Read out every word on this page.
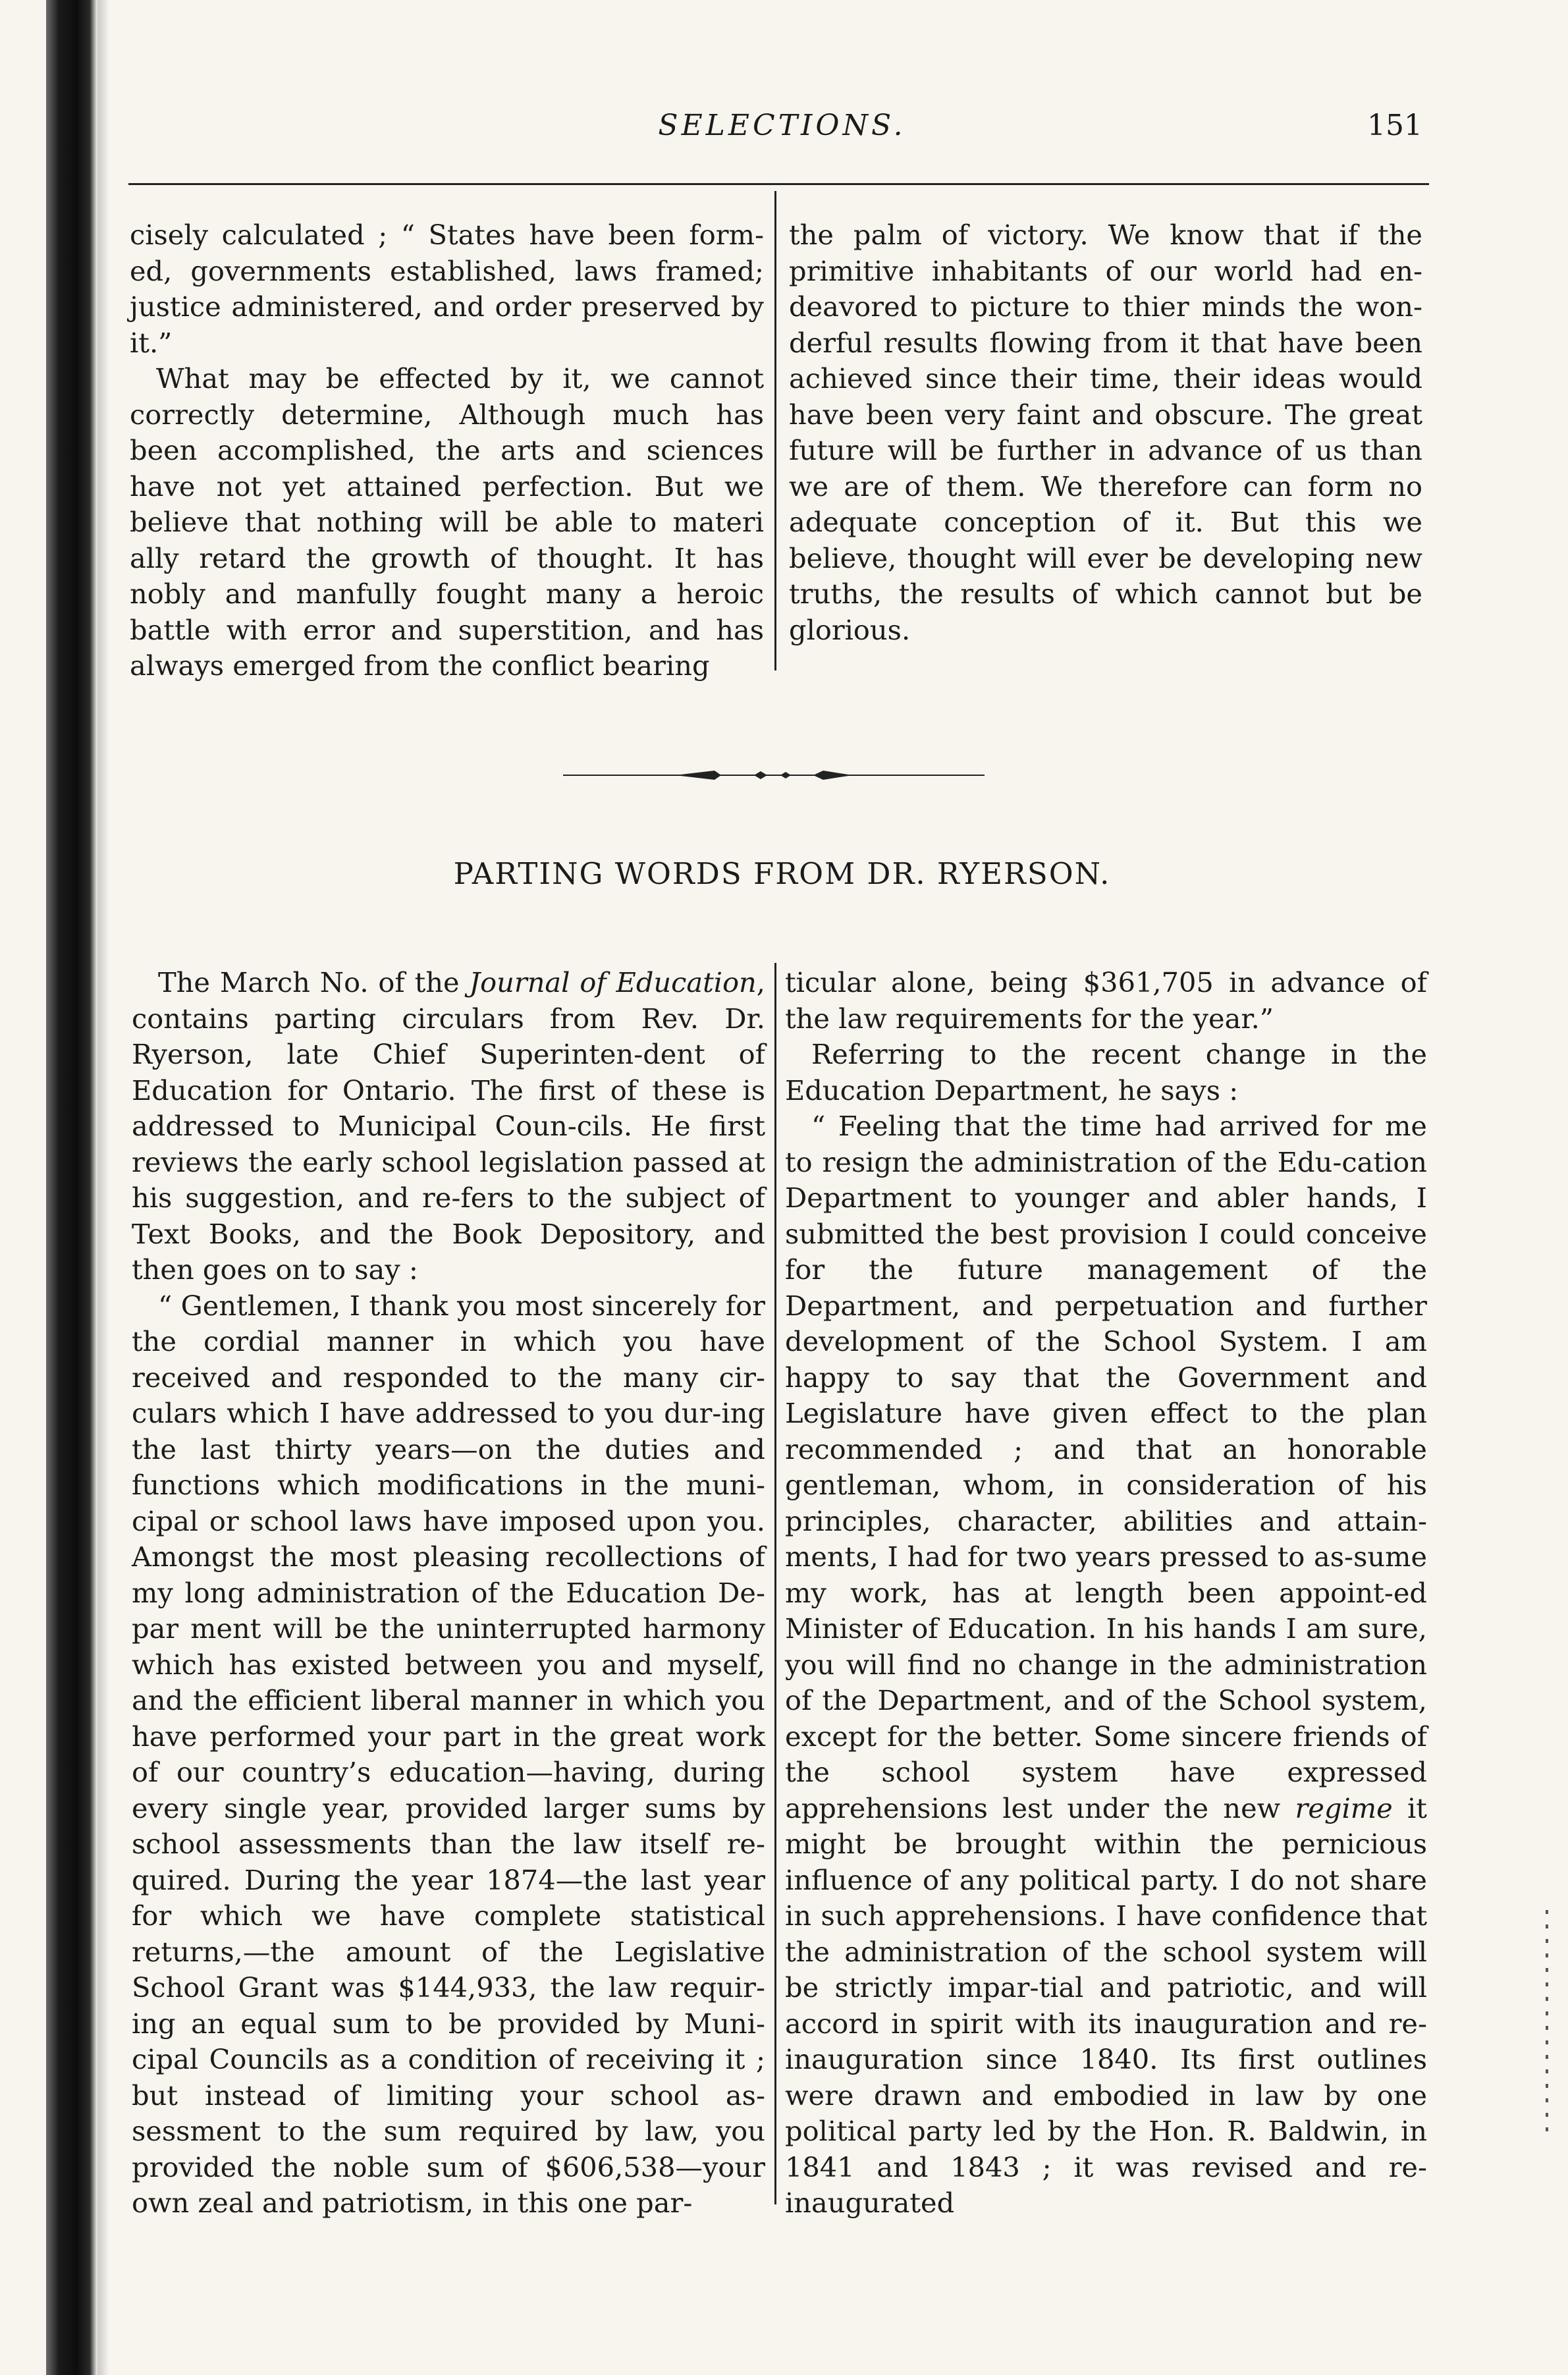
SELECTIONS.	151

cisely calculated ; “ States have been form-ed, governments established, laws framed; justice administered, and order preserved by it.”

What may be effected by it, we cannot correctly determine, Although much has been accomplished, the arts and sciences have not yet attained perfection. But we believe that nothing will be able to materi ally retard the growth of thought. It has nobly and manfully fought many a heroic battle with error and superstition, and has always emerged from the conflict bearing

the palm of victory. We know that if the primitive inhabitants of our world had en-deavored to picture to thier minds the won-derful results flowing from it that have been achieved since their time, their ideas would have been very faint and obscure. The great future will be further in advance of us than we are of them. We therefore can form no adequate conception of it. But this we believe, thought will ever be developing new truths, the results of which cannot but be glorious.

PARTING WORDS FROM DR. RYERSON.

The March No. of the Journal of Education, contains parting circulars from Rev. Dr. Ryerson, late Chief Superinten-dent of Education for Ontario. The first of these is addressed to Municipal Coun-cils. He first reviews the early school legislation passed at his suggestion, and re-fers to the subject of Text Books, and the Book Depository, and then goes on to say :

“ Gentlemen, I thank you most sincerely for the cordial manner in which you have received and responded to the many cir-culars which I have addressed to you dur-ing the last thirty years—on the duties and functions which modifications in the muni-cipal or school laws have imposed upon you. Amongst the most pleasing recollections of my long administration of the Education De-par ment will be the uninterrupted harmony which has existed between you and myself, and the efficient liberal manner in which you have performed your part in the great work of our country’s education—having, during every single year, provided larger sums by school assessments than the law itself re-quired. During the year 1874—the last year for which we have complete statistical returns,—the amount of the Legislative School Grant was $144,933, the law requir-ing an equal sum to be provided by Muni-cipal Councils as a condition of receiving it ; but instead of limiting your school as-sessment to the sum required by law, you provided the noble sum of $606,538—your own zeal and patriotism, in this one par-

ticular alone, being $361,705 in advance of the law requirements for the year.”

Referring to the recent change in the Education Department, he says :

“ Feeling that the time had arrived for me to resign the administration of the Edu-cation Department to younger and abler hands, I submitted the best provision I could conceive for the future management of the Department, and perpetuation and further development of the School System. I am happy to say that the Government and Legislature have given effect to the plan recommended ; and that an honorable gentleman, whom, in consideration of his principles, character, abilities and attain-ments, I had for two years pressed to as-sume my work, has at length been appoint-ed Minister of Education. In his hands I am sure, you will find no change in the administration of the Department, and of the School system, except for the better. Some sincere friends of the school system have expressed apprehensions lest under the new regime it might be brought within the pernicious influence of any political party. I do not share in such apprehensions. I have confidence that the administration of the school system will be strictly impar-tial and patriotic, and will accord in spirit with its inauguration and re-inauguration since 1840. Its first outlines were drawn and embodied in law by one political party led by the Hon. R. Baldwin, in 1841 and 1843 ; it was revised and re-inaugurated
